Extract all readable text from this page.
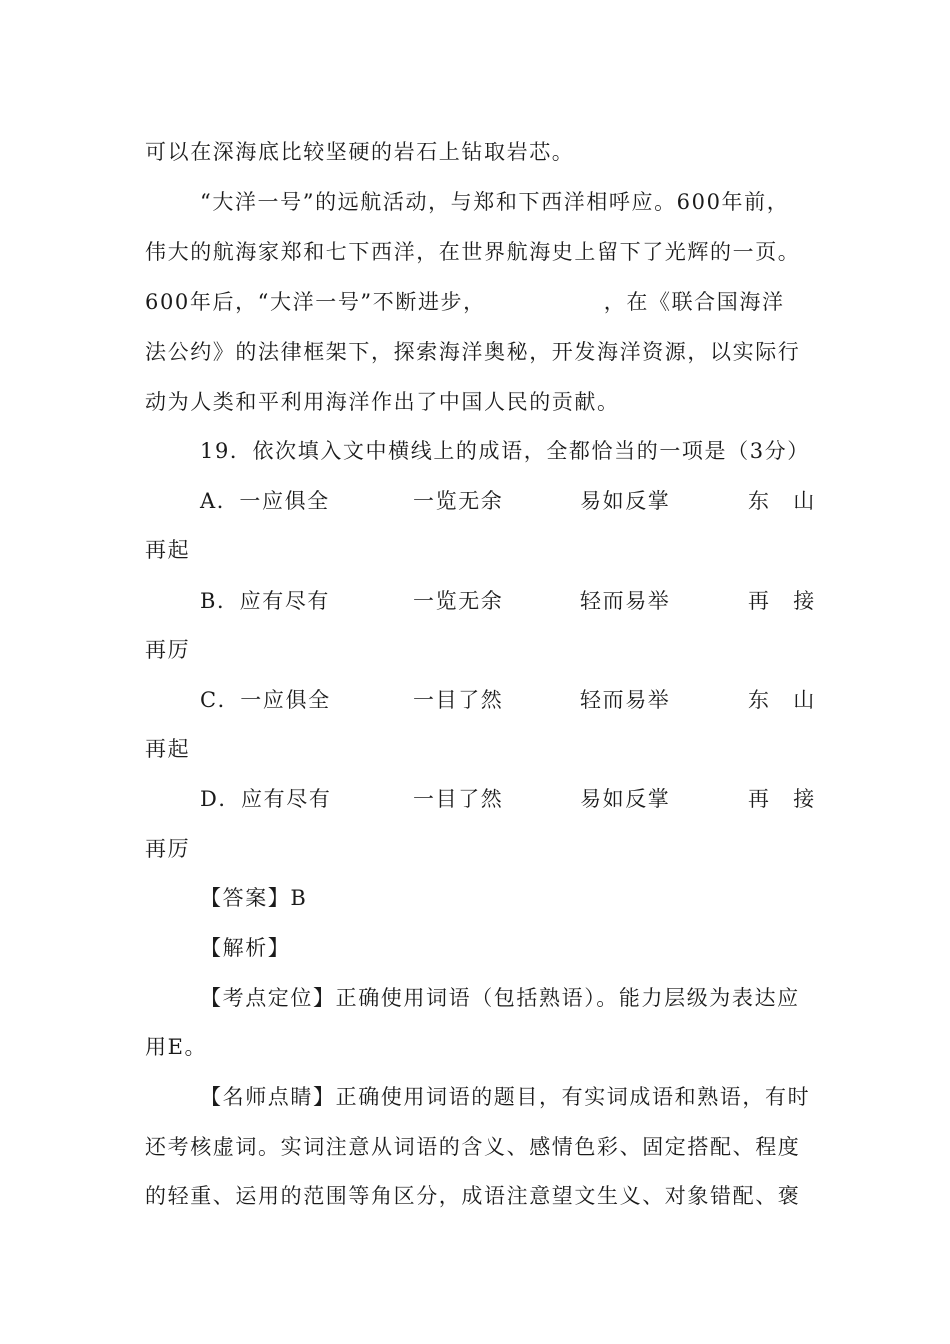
可以在深海底比较坚硬的岩石上钻取岩芯。
“大洋一号”的远航活动，与郑和下西洋相呼应。600年前，
伟大的航海家郑和七下西洋，在世界航海史上留下了光辉的一页。
600年后，“大洋一号”不断进步，	，在《联合国海洋
法公约》的法律框架下，探索海洋奥秘，开发海洋资源，以实际行
动为人类和平利用海洋作出了中国人民的贡献。
19．依次填入文中横线上的成语，全都恰当的一项是（3分）
A．一应俱全	一览无余	易如反掌	东　山
再起
B．应有尽有	一览无余	轻而易举	再　接
再厉
C．一应俱全	一目了然	轻而易举	东　山
再起
D．应有尽有	一目了然	易如反掌	再　接
再厉
【答案】B
【解析】
【考点定位】正确使用词语（包括熟语）。能力层级为表达应
用E。
【名师点睛】正确使用词语的题目，有实词成语和熟语，有时
还考核虚词。实词注意从词语的含义、感情色彩、固定搭配、程度
的轻重、运用的范围等角区分，成语注意望文生义、对象错配、褒
